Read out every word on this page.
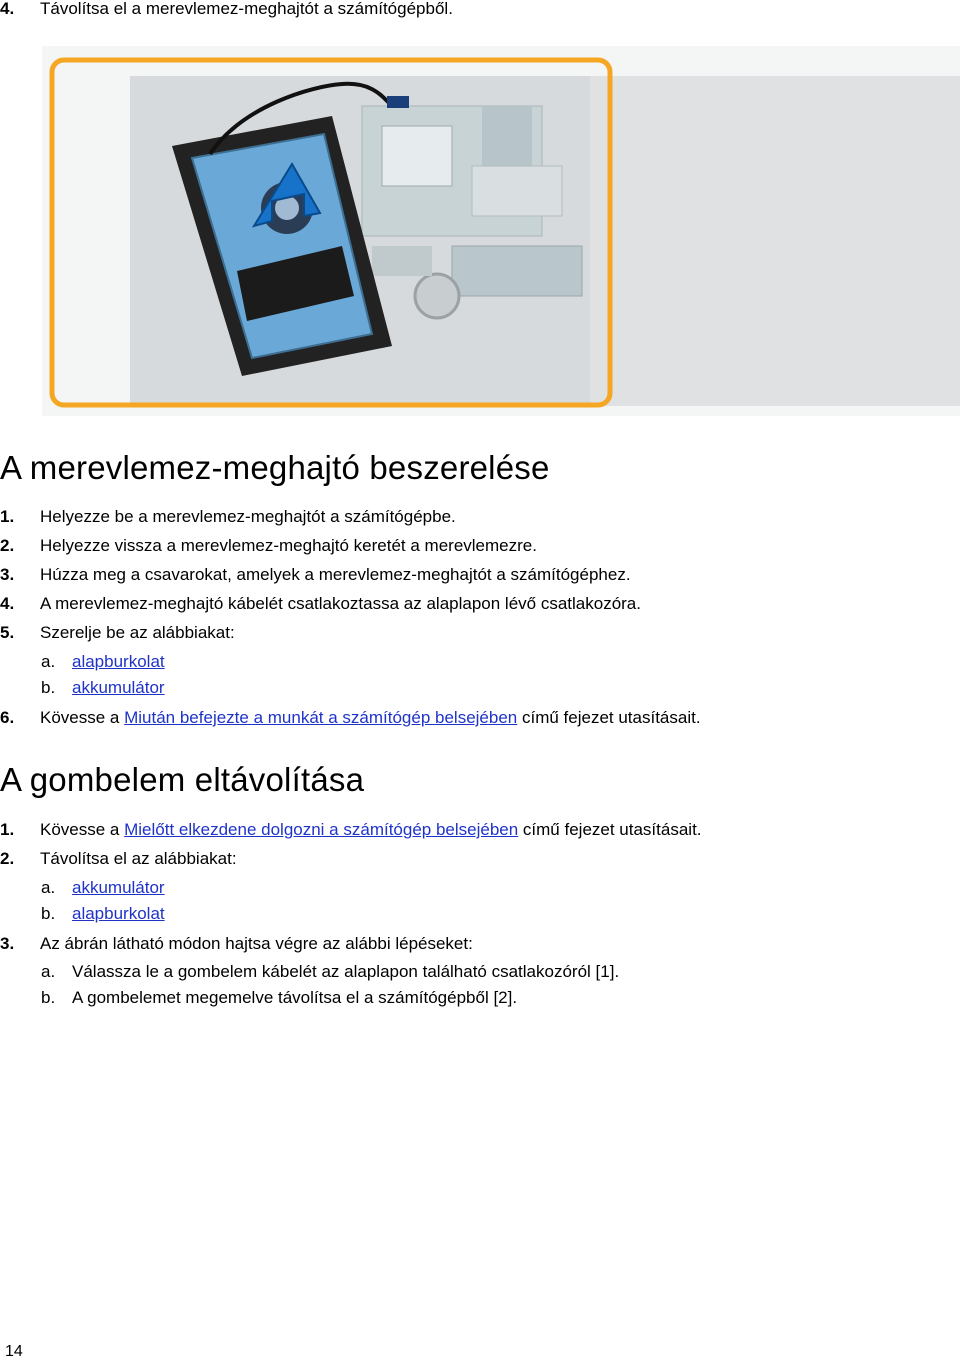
4. Távolítsa el a merevlemez-meghajtót a számítógépből.
A merevlemez-meghajtó beszerelése
1. Helyezze be a merevlemez-meghajtót a számítógépbe.
2. Helyezze vissza a merevlemez-meghajtó keretét a merevlemezre.
3. Húzza meg a csavarokat, amelyek a merevlemez-meghajtót a számítógéphez.
4. A merevlemez-meghajtó kábelét csatlakoztassa az alaplapon lévő csatlakozóra.
5. Szerelje be az alábbiakat:
a. alapburkolat
b. akkumulátor
6. Kövesse a Miután befejezte a munkát a számítógép belsejében című fejezet utasításait.
A gombelem eltávolítása
1. Kövesse a Mielőtt elkezdene dolgozni a számítógép belsejében című fejezet utasításait.
2. Távolítsa el az alábbiakat:
a. akkumulátor
b. alapburkolat
3. Az ábrán látható módon hajtsa végre az alábbi lépéseket:
a. Válassza le a gombelem kábelét az alaplapon található csatlakozóról [1].
b. A gombelemet megemelve távolítsa el a számítógépből [2].
14
